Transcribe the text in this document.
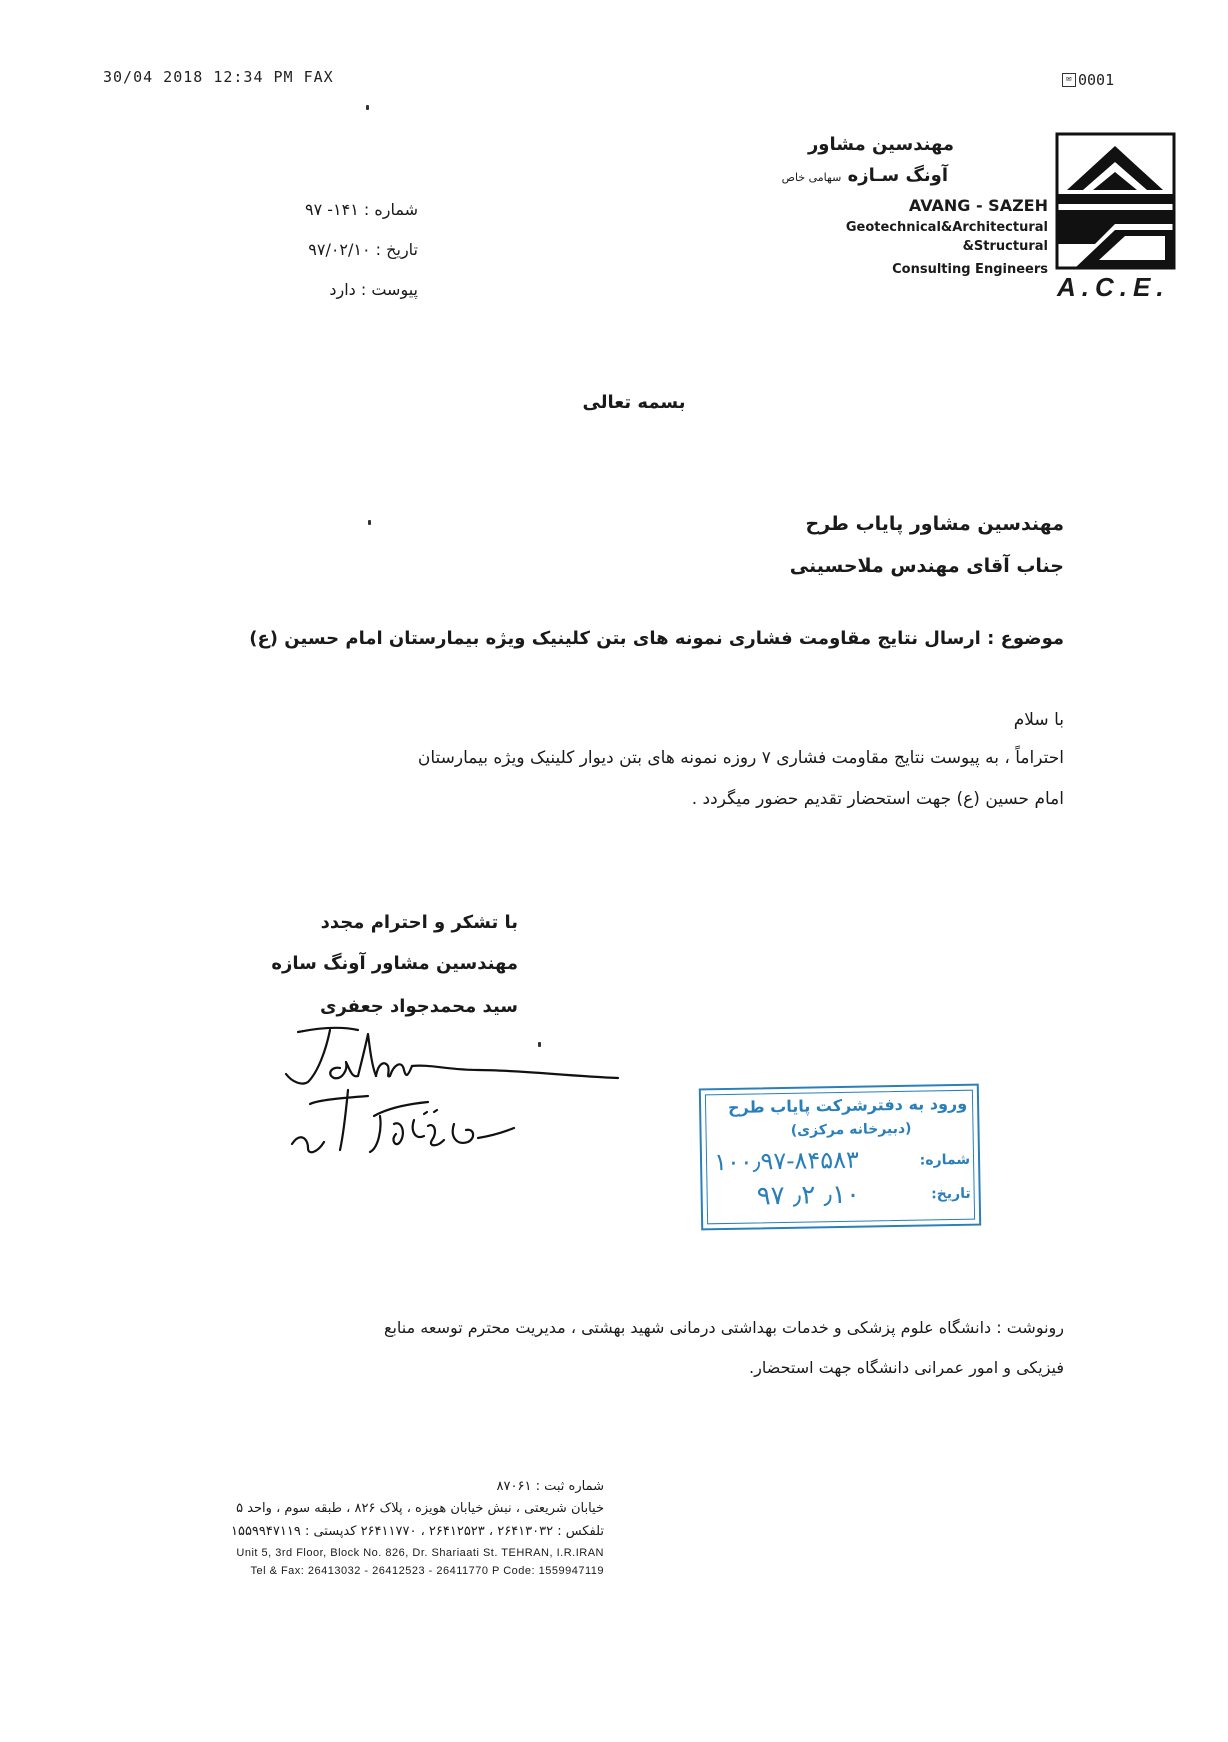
30/04 2018 12:34 PM FAX	✉ 0001
مهندسین مشاور
آونگ سـازه سهامی خاص
AVANG - SAZEH
Geotechnical&Architectural
&Structural
Consulting Engineers
A.C.E.
شماره : ۱۴۱- ۹۷
تاریخ : ۹۷/۰۲/۱۰
پیوست : دارد
بسمه تعالی
مهندسین مشاور پایاب طرح
جناب آقای مهندس ملاحسینی
موضوع : ارسال نتایج مقاومت فشاری نمونه های بتن کلینیک ویژه بیمارستان امام حسین (ع)
با سلام
احتراماً ، به پیوست نتایج مقاومت فشاری ۷ روزه نمونه های بتن دیوار کلینیک ویژه بیمارستان
امام حسین (ع) جهت استحضار تقدیم حضور میگردد .
با تشکر و احترام مجدد
مهندسین مشاور آونگ سازه
سید محمدجواد جعفری
ورود به دفترشرکت پایاب طرح
(دبیرخانه مرکزی)
شماره:
۱۰۰٫۹۷-۸۴۵۸۳
تاریخ:
۹۷ ٫۲ ٫۱۰
رونوشت : دانشگاه علوم پزشکی و خدمات بهداشتی درمانی شهید بهشتی ، مدیریت محترم توسعه منابع
فیزیکی و امور عمرانی دانشگاه جهت استحضار.
شماره ثبت : ۸۷۰۶۱
خیابان شریعتی ، نبش خیابان هویزه ، پلاک ۸۲۶ ، طبقه سوم ، واحد ۵
تلفکس : ۲۶۴۱۳۰۳۲ ، ۲۶۴۱۲۵۲۳ ، ۲۶۴۱۱۷۷۰ کدپستی : ۱۵۵۹۹۴۷۱۱۹
Unit 5, 3rd Floor, Block No. 826, Dr. Shariaati St. TEHRAN, I.R.IRAN
Tel & Fax: 26413032 - 26412523 - 26411770 P Code: 1559947119
